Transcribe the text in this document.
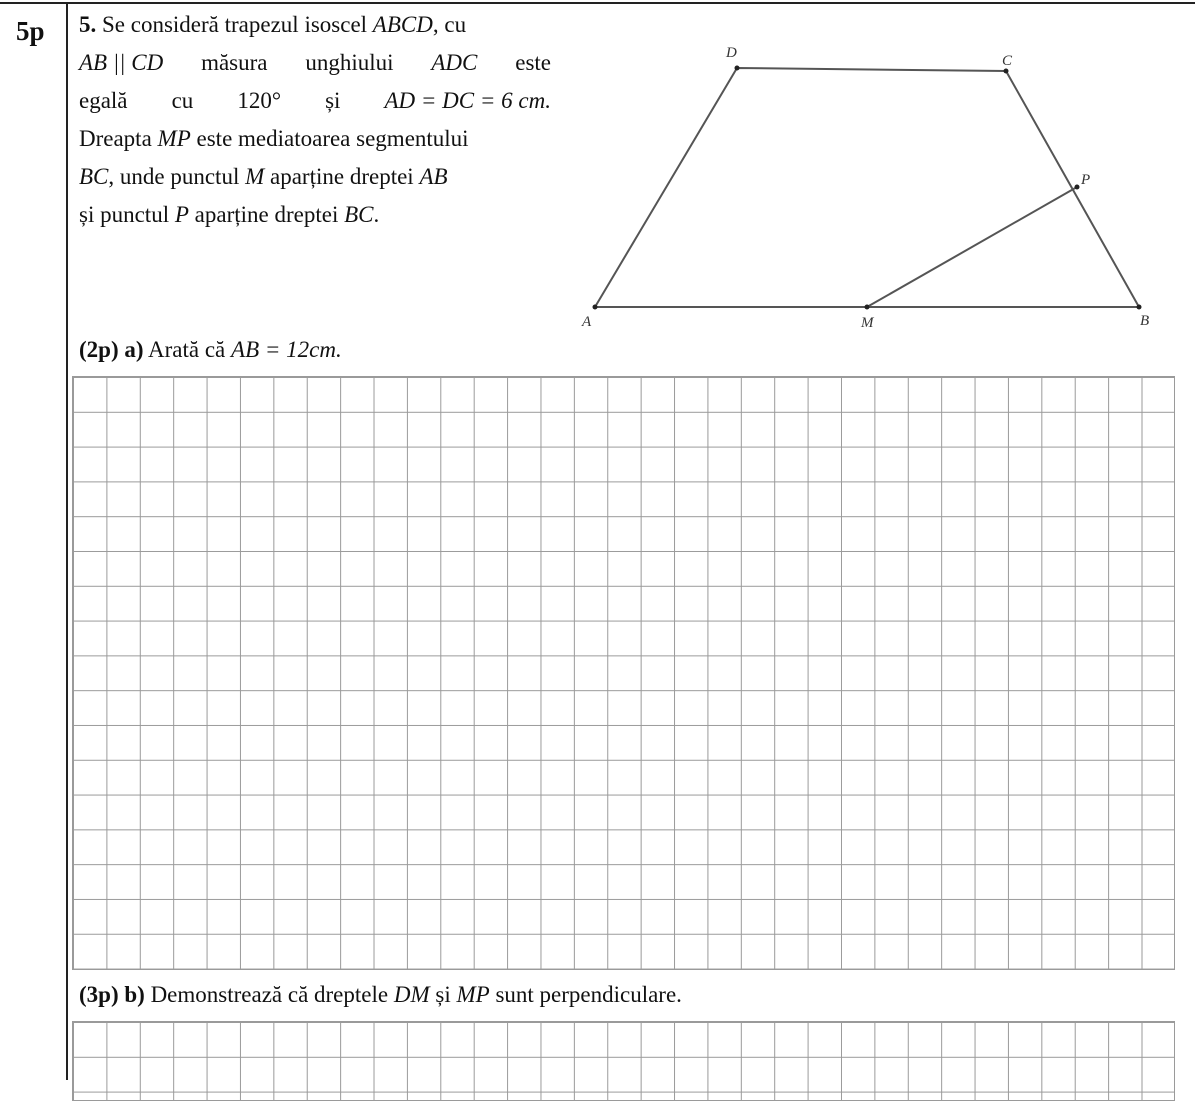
5p 5. Se consideră trapezul isoscel ABCD, cu
AB || CD măsura unghiului ADC este
egală cu 120° și AD = DC = 6 cm.
Dreapta MP este mediatoarea segmentului
BC, unde punctul M aparține dreptei AB
și punctul P aparține dreptei BC.
D	C
P
A	M	B
(2p) a) Arată că AB = 12cm.
(3p) b) Demonstrează că dreptele DM și MP sunt perpendiculare.
